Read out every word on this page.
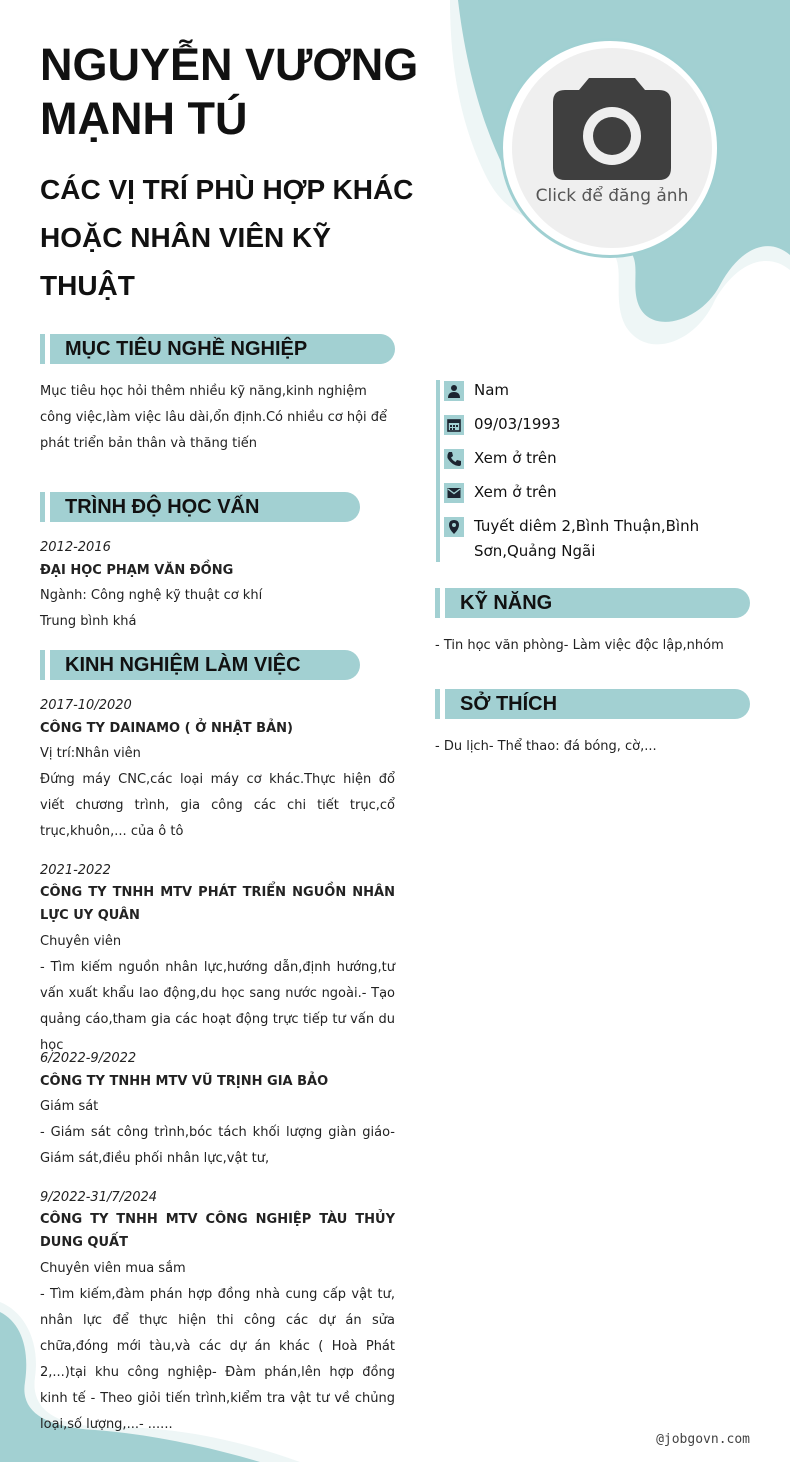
NGUYỄN VƯƠNG MẠNH TÚ
CÁC VỊ TRÍ PHÙ HỢP KHÁC HOẶC NHÂN VIÊN KỸ THUẬT
Click để đăng ảnh
MỤC TIÊU NGHỀ NGHIỆP
Mục tiêu học hỏi thêm nhiều kỹ năng,kinh nghiệm công việc,làm việc lâu dài,ổn định.Có nhiều cơ hội để phát triển bản thân và thăng tiến
TRÌNH ĐỘ HỌC VẤN
2012-2016
ĐẠI HỌC PHẠM VĂN ĐỒNG
Ngành: Công nghệ kỹ thuật cơ khí
Trung bình khá
KINH NGHIỆM LÀM VIỆC
2017-10/2020
CÔNG TY DAINAMO ( Ở NHẬT BẢN)
Vị trí:Nhân viên
Đứng máy CNC,các loại máy cơ khác.Thực hiện đổ viết chương trình, gia công các chi tiết trục,cổ trục,khuôn,... của ô tô
2021-2022
CÔNG TY TNHH MTV PHÁT TRIỂN NGUỒN NHÂN LỰC UY QUÂN
Chuyên viên
- Tìm kiếm nguồn nhân lực,hướng dẫn,định hướng,tư vấn xuất khẩu lao động,du học sang nước ngoài.- Tạo quảng cáo,tham gia các hoạt động trực tiếp tư vấn du học
6/2022-9/2022
CÔNG TY TNHH MTV VŨ TRỊNH GIA BẢO
Giám sát
- Giám sát công trình,bóc tách khối lượng giàn giáo- Giám sát,điều phối nhân lực,vật tư,
9/2022-31/7/2024
CÔNG TY TNHH MTV CÔNG NGHIỆP TÀU THỦY DUNG QUẤT
Chuyên viên mua sắm
- Tìm kiếm,đàm phán hợp đồng nhà cung cấp vật tư, nhân lực để thực hiện thi công các dự án sửa chữa,đóng mới tàu,và các dự án khác ( Hoà Phát 2,...)tại khu công nghiệp- Đàm phán,lên hợp đồng kinh tế - Theo giỏi tiến trình,kiểm tra vật tư về chủng loại,số lượng,...- ......
Nam
09/03/1993
Xem ở trên
Xem ở trên
Tuyết diêm 2,Bình Thuận,Bình Sơn,Quảng Ngãi
KỸ NĂNG
- Tin học văn phòng- Làm việc độc lập,nhóm
SỞ THÍCH
- Du lịch- Thể thao: đá bóng, cờ,...
@jobgovn.com
